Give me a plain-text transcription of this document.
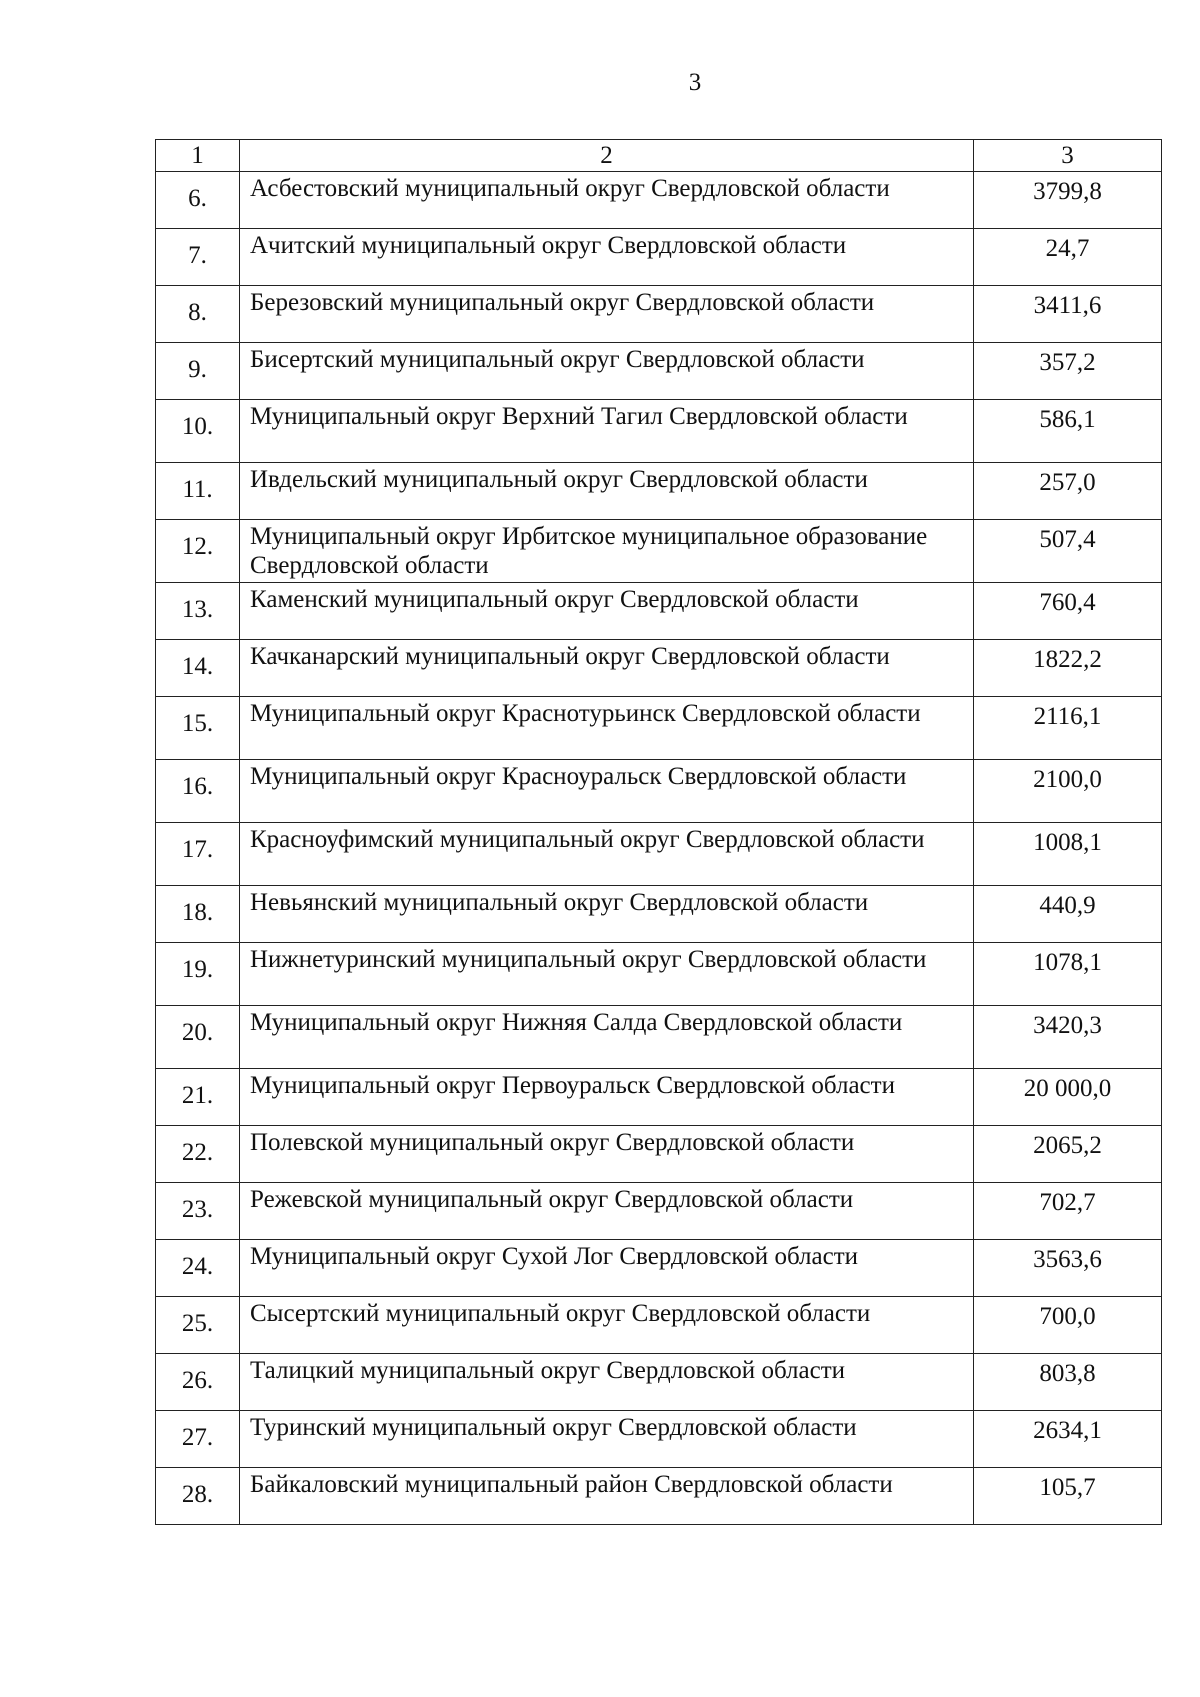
3
1	2	3
6.	Асбестовский муниципальный округ Свердловской области	3799,8
7.	Ачитский муниципальный округ Свердловской области	24,7
8.	Березовский муниципальный округ Свердловской области	3411,6
9.	Бисертский муниципальный округ Свердловской области	357,2
10.	Муниципальный округ Верхний Тагил Свердловской области	586,1
11.	Ивдельский муниципальный округ Свердловской области	257,0
12.	Муниципальный округ Ирбитское муниципальное образование Свердловской области	507,4
13.	Каменский муниципальный округ Свердловской области	760,4
14.	Качканарский муниципальный округ Свердловской области	1822,2
15.	Муниципальный округ Краснотурьинск Свердловской области	2116,1
16.	Муниципальный округ Красноуральск Свердловской области	2100,0
17.	Красноуфимский муниципальный округ Свердловской области	1008,1
18.	Невьянский муниципальный округ Свердловской области	440,9
19.	Нижнетуринский муниципальный округ Свердловской области	1078,1
20.	Муниципальный округ Нижняя Салда Свердловской области	3420,3
21.	Муниципальный округ Первоуральск Свердловской области	20 000,0
22.	Полевской муниципальный округ Свердловской области	2065,2
23.	Режевской муниципальный округ Свердловской области	702,7
24.	Муниципальный округ Сухой Лог Свердловской области	3563,6
25.	Сысертский муниципальный округ Свердловской области	700,0
26.	Талицкий муниципальный округ Свердловской области	803,8
27.	Туринский муниципальный округ Свердловской области	2634,1
28.	Байкаловский муниципальный район Свердловской области	105,7
